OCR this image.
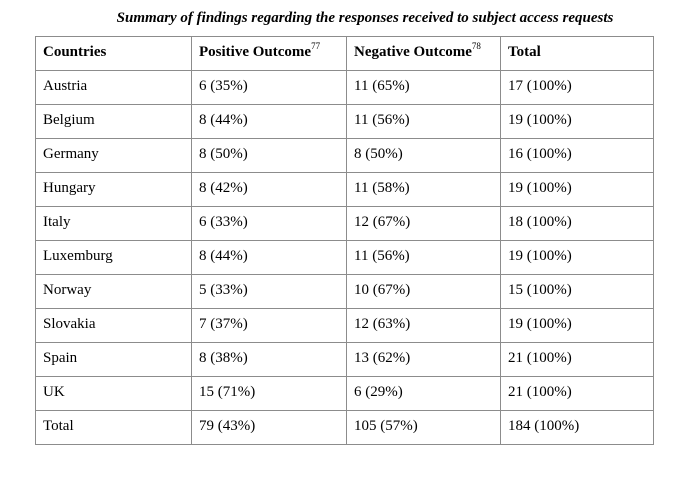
Summary of findings regarding the responses received to subject access requests
Countries	Positive Outcome$^{77}$	Negative Outcome$^{78}$	Total
Austria	6 (35%)	11 (65%)	17 (100%)
Belgium	8 (44%)	11 (56%)	19 (100%)
Germany	8 (50%)	8 (50%)	16 (100%)
Hungary	8 (42%)	11 (58%)	19 (100%)
Italy	6 (33%)	12 (67%)	18 (100%)
Luxemburg	8 (44%)	11 (56%)	19 (100%)
Norway	5 (33%)	10 (67%)	15 (100%)
Slovakia	7 (37%)	12 (63%)	19 (100%)
Spain	8 (38%)	13 (62%)	21 (100%)
UK	15 (71%)	6 (29%)	21 (100%)
Total	79 (43%)	105 (57%)	184 (100%)
